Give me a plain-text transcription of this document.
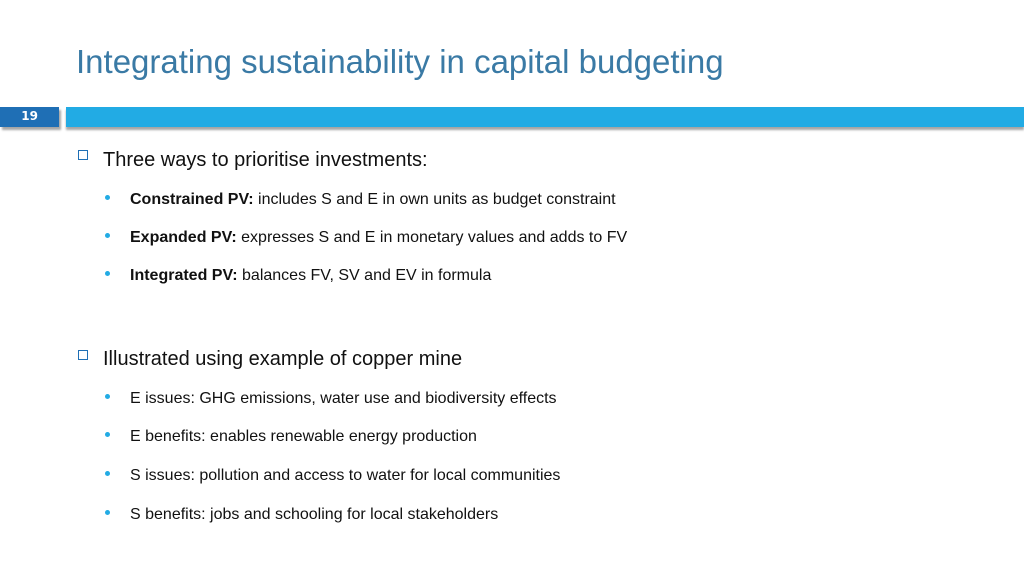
Integrating sustainability in capital budgeting
19
Three ways to prioritise investments:
Constrained PV: includes S and E in own units as budget constraint
Expanded PV: expresses S and E in monetary values and adds to FV
Integrated PV: balances FV, SV and EV in formula
Illustrated using example of copper mine
E issues: GHG emissions, water use and biodiversity effects
E benefits: enables renewable energy production
S issues: pollution and access to water for local communities
S benefits: jobs and schooling for local stakeholders
